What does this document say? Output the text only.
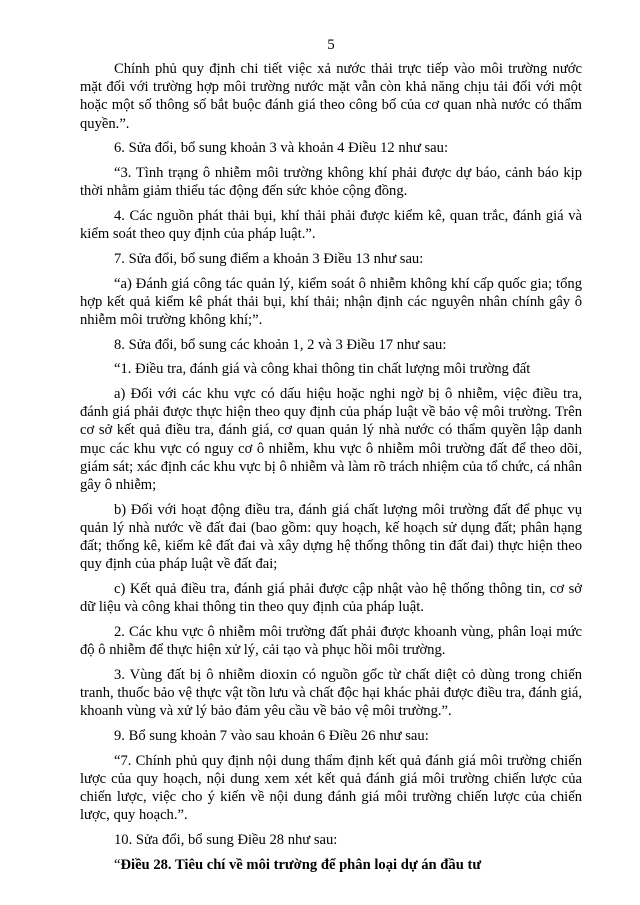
5

Chính phủ quy định chi tiết việc xả nước thải trực tiếp vào môi trường nước mặt đối với trường hợp môi trường nước mặt vẫn còn khả năng chịu tải đối với một hoặc một số thông số bắt buộc đánh giá theo công bố của cơ quan nhà nước có thẩm quyền.”.

6. Sửa đổi, bổ sung khoản 3 và khoản 4 Điều 12 như sau:

“3. Tình trạng ô nhiễm môi trường không khí phải được dự báo, cảnh báo kịp thời nhằm giảm thiểu tác động đến sức khỏe cộng đồng.

4. Các nguồn phát thải bụi, khí thải phải được kiểm kê, quan trắc, đánh giá và kiểm soát theo quy định của pháp luật.”.

7. Sửa đổi, bổ sung điểm a khoản 3 Điều 13 như sau:

“a) Đánh giá công tác quản lý, kiểm soát ô nhiễm không khí cấp quốc gia; tổng hợp kết quả kiểm kê phát thải bụi, khí thải; nhận định các nguyên nhân chính gây ô nhiễm môi trường không khí;”.

8. Sửa đổi, bổ sung các khoản 1, 2 và 3 Điều 17 như sau:

“1. Điều tra, đánh giá và công khai thông tin chất lượng môi trường đất

a) Đối với các khu vực có dấu hiệu hoặc nghi ngờ bị ô nhiễm, việc điều tra, đánh giá phải được thực hiện theo quy định của pháp luật về bảo vệ môi trường. Trên cơ sở kết quả điều tra, đánh giá, cơ quan quản lý nhà nước có thẩm quyền lập danh mục các khu vực có nguy cơ ô nhiễm, khu vực ô nhiễm môi trường đất để theo dõi, giám sát; xác định các khu vực bị ô nhiễm và làm rõ trách nhiệm của tổ chức, cá nhân gây ô nhiễm;

b) Đối với hoạt động điều tra, đánh giá chất lượng môi trường đất để phục vụ quản lý nhà nước về đất đai (bao gồm: quy hoạch, kế hoạch sử dụng đất; phân hạng đất; thống kê, kiểm kê đất đai và xây dựng hệ thống thông tin đất đai) thực hiện theo quy định của pháp luật về đất đai;

c) Kết quả điều tra, đánh giá phải được cập nhật vào hệ thống thông tin, cơ sở dữ liệu và công khai thông tin theo quy định của pháp luật.

2. Các khu vực ô nhiễm môi trường đất phải được khoanh vùng, phân loại mức độ ô nhiễm để thực hiện xử lý, cải tạo và phục hồi môi trường.

3. Vùng đất bị ô nhiễm dioxin có nguồn gốc từ chất diệt cỏ dùng trong chiến tranh, thuốc bảo vệ thực vật tồn lưu và chất độc hại khác phải được điều tra, đánh giá, khoanh vùng và xử lý bảo đảm yêu cầu về bảo vệ môi trường.”.

9. Bổ sung khoản 7 vào sau khoản 6 Điều 26 như sau:

“7. Chính phủ quy định nội dung thẩm định kết quả đánh giá môi trường chiến lược của quy hoạch, nội dung xem xét kết quả đánh giá môi trường chiến lược của chiến lược, việc cho ý kiến về nội dung đánh giá môi trường chiến lược của chiến lược, quy hoạch.”.

10. Sửa đổi, bổ sung Điều 28 như sau:

“Điều 28. Tiêu chí về môi trường để phân loại dự án đầu tư
